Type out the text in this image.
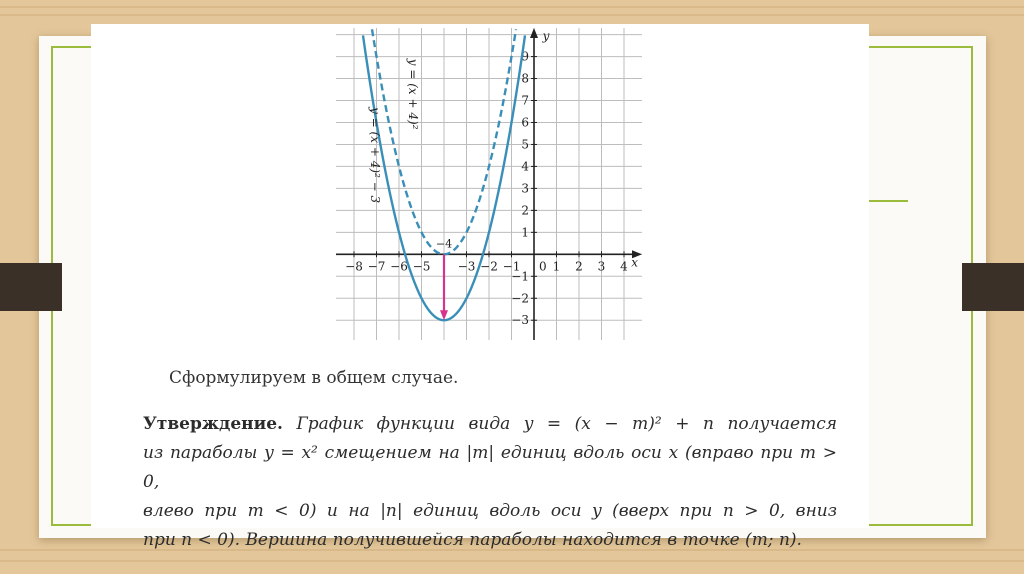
−8 −7 −6 −5 −3 −2 −1	1 2 3 4
−3
−2
−1
1
2
3
4
5
6
7
8
9
0	x
y
y = (x + 4)²
y = (x + 4)² − 3
−4
Сформулируем в общем случае.
Утверждение. График функции вида y = (x − m)² + n получается
из параболы y = x² смещением на |m| единиц вдоль оси x (вправо при m > 0,
влево при m < 0) и на |n| единиц вдоль оси y (вверх при n > 0, вниз
при n < 0). Вершина получившейся параболы находится в точке (m; n).
